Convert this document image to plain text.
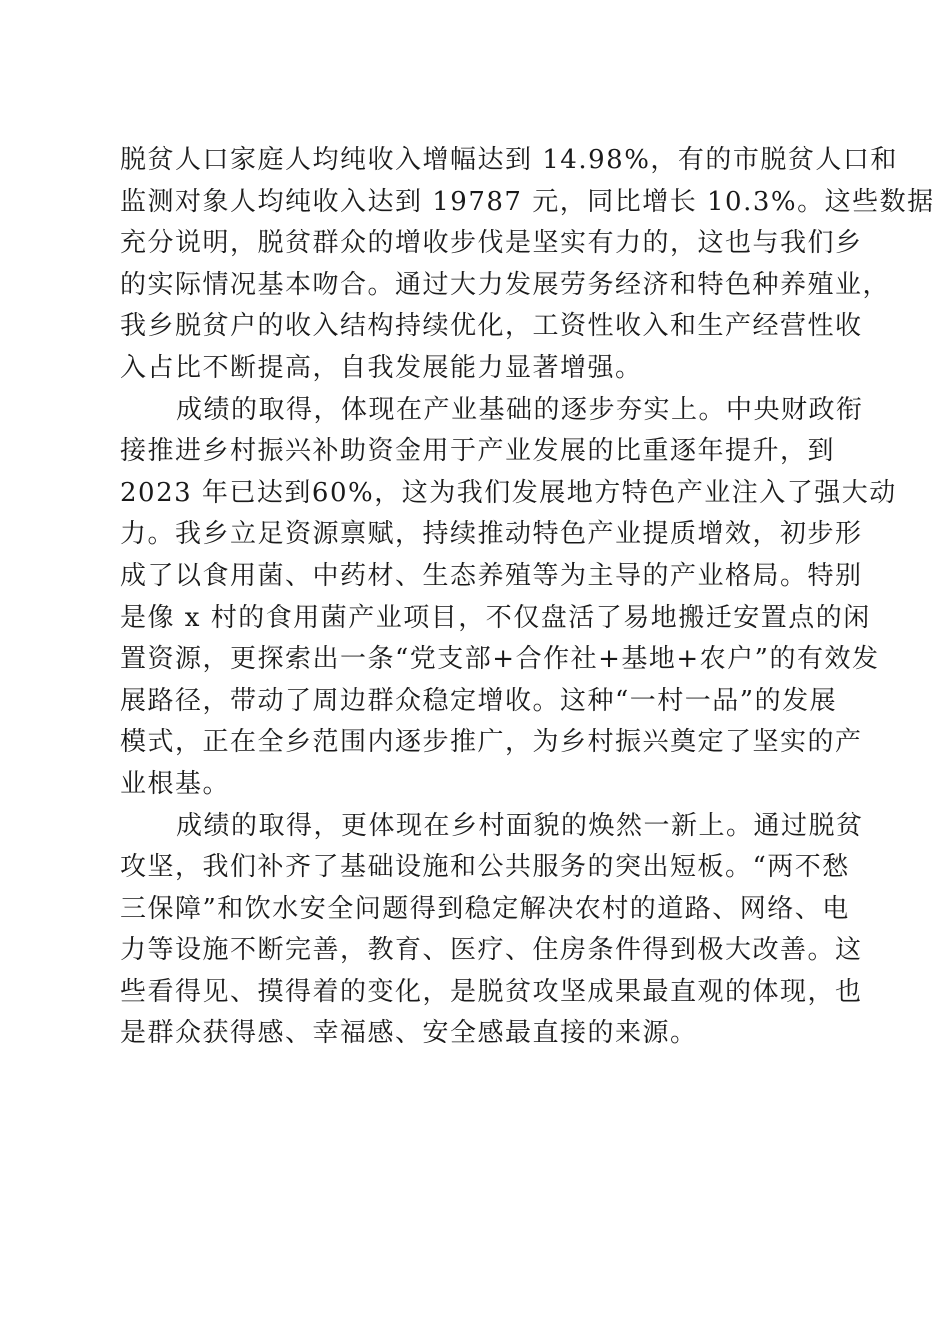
脱贫人口家庭人均纯收入增幅达到 14.98%，有的市脱贫人口和
监测对象人均纯收入达到 19787 元，同比增长 10.3%。这些数据
充分说明，脱贫群众的增收步伐是坚实有力的，这也与我们乡
的实际情况基本吻合。通过大力发展劳务经济和特色种养殖业，
我乡脱贫户的收入结构持续优化，工资性收入和生产经营性收
入占比不断提高，自我发展能力显著增强。
成绩的取得，体现在产业基础的逐步夯实上。中央财政衔
接推进乡村振兴补助资金用于产业发展的比重逐年提升，到
2023 年已达到60%，这为我们发展地方特色产业注入了强大动
力。我乡立足资源禀赋，持续推动特色产业提质增效，初步形
成了以食用菌、中药材、生态养殖等为主导的产业格局。特别
是像 x 村的食用菌产业项目，不仅盘活了易地搬迁安置点的闲
置资源，更探索出一条“党支部+合作社+基地+农户”的有效发
展路径，带动了周边群众稳定增收。这种“一村一品”的发展
模式，正在全乡范围内逐步推广，为乡村振兴奠定了坚实的产
业根基。
成绩的取得，更体现在乡村面貌的焕然一新上。通过脱贫
攻坚，我们补齐了基础设施和公共服务的突出短板。“两不愁
三保障”和饮水安全问题得到稳定解决农村的道路、网络、电
力等设施不断完善，教育、医疗、住房条件得到极大改善。这
些看得见、摸得着的变化，是脱贫攻坚成果最直观的体现，也
是群众获得感、幸福感、安全感最直接的来源。
